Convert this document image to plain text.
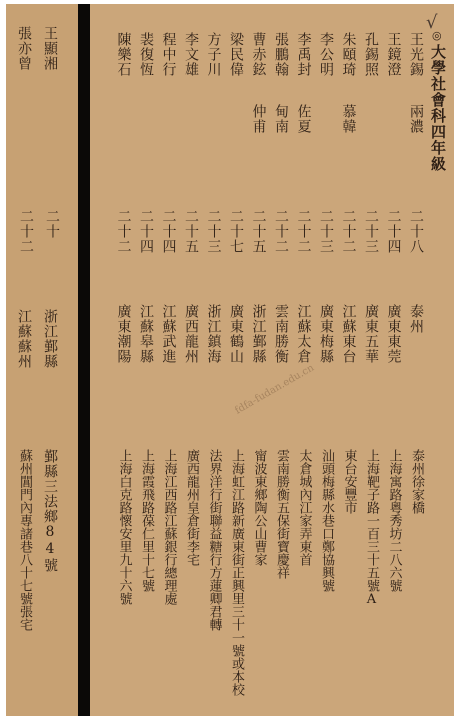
王顯湘
二十
浙江鄞縣
鄞縣三法鄉84號
張亦曾
二十二
江蘇蘇州
蘇州閶門內專諸巷八十七號張宅
√
◎
大學社會科四年級
王光錫
兩濃
二十八
泰州
泰州徐家橋
王鏡澄
二十四
廣東東莞
上海寓路粵秀坊二八六號
孔錫照
二十三
廣東五華
上海靶子路一百三十五號A
朱頤琦
慕韓
二十二
江蘇東台
東台安豐市
李公明
二十三
廣東梅縣
汕頭梅縣水巷口鄭協興號
李禹封
佐夏
二十二
江蘇太倉
太倉城內江家弄東首
張鵬翰
甸南
二十二
雲南勝衡
雲南勝衡五保街寶慶祥
曹赤鉉
仲甫
二十五
浙江鄞縣
甯波東鄉陶公山曹家
梁民偉
二十七
廣東鶴山
上海虹江路新廣東街正興里三十一號或本校
方子川
二十三
浙江鎮海
法界洋行街聯益糖行方蓮卿君轉
李文雄
二十五
廣西龍州
廣西龍州皇倉街李宅
程中行
二十四
江蘇武進
上海江西路江蘇銀行總理處
裴復恆
二十四
江蘇皋縣
上海霞飛路葆仁里十七號
陳樂石
二十二
廣東潮陽
上海白克路懷安里九十六號
fdfa-fudan.edu.cn
